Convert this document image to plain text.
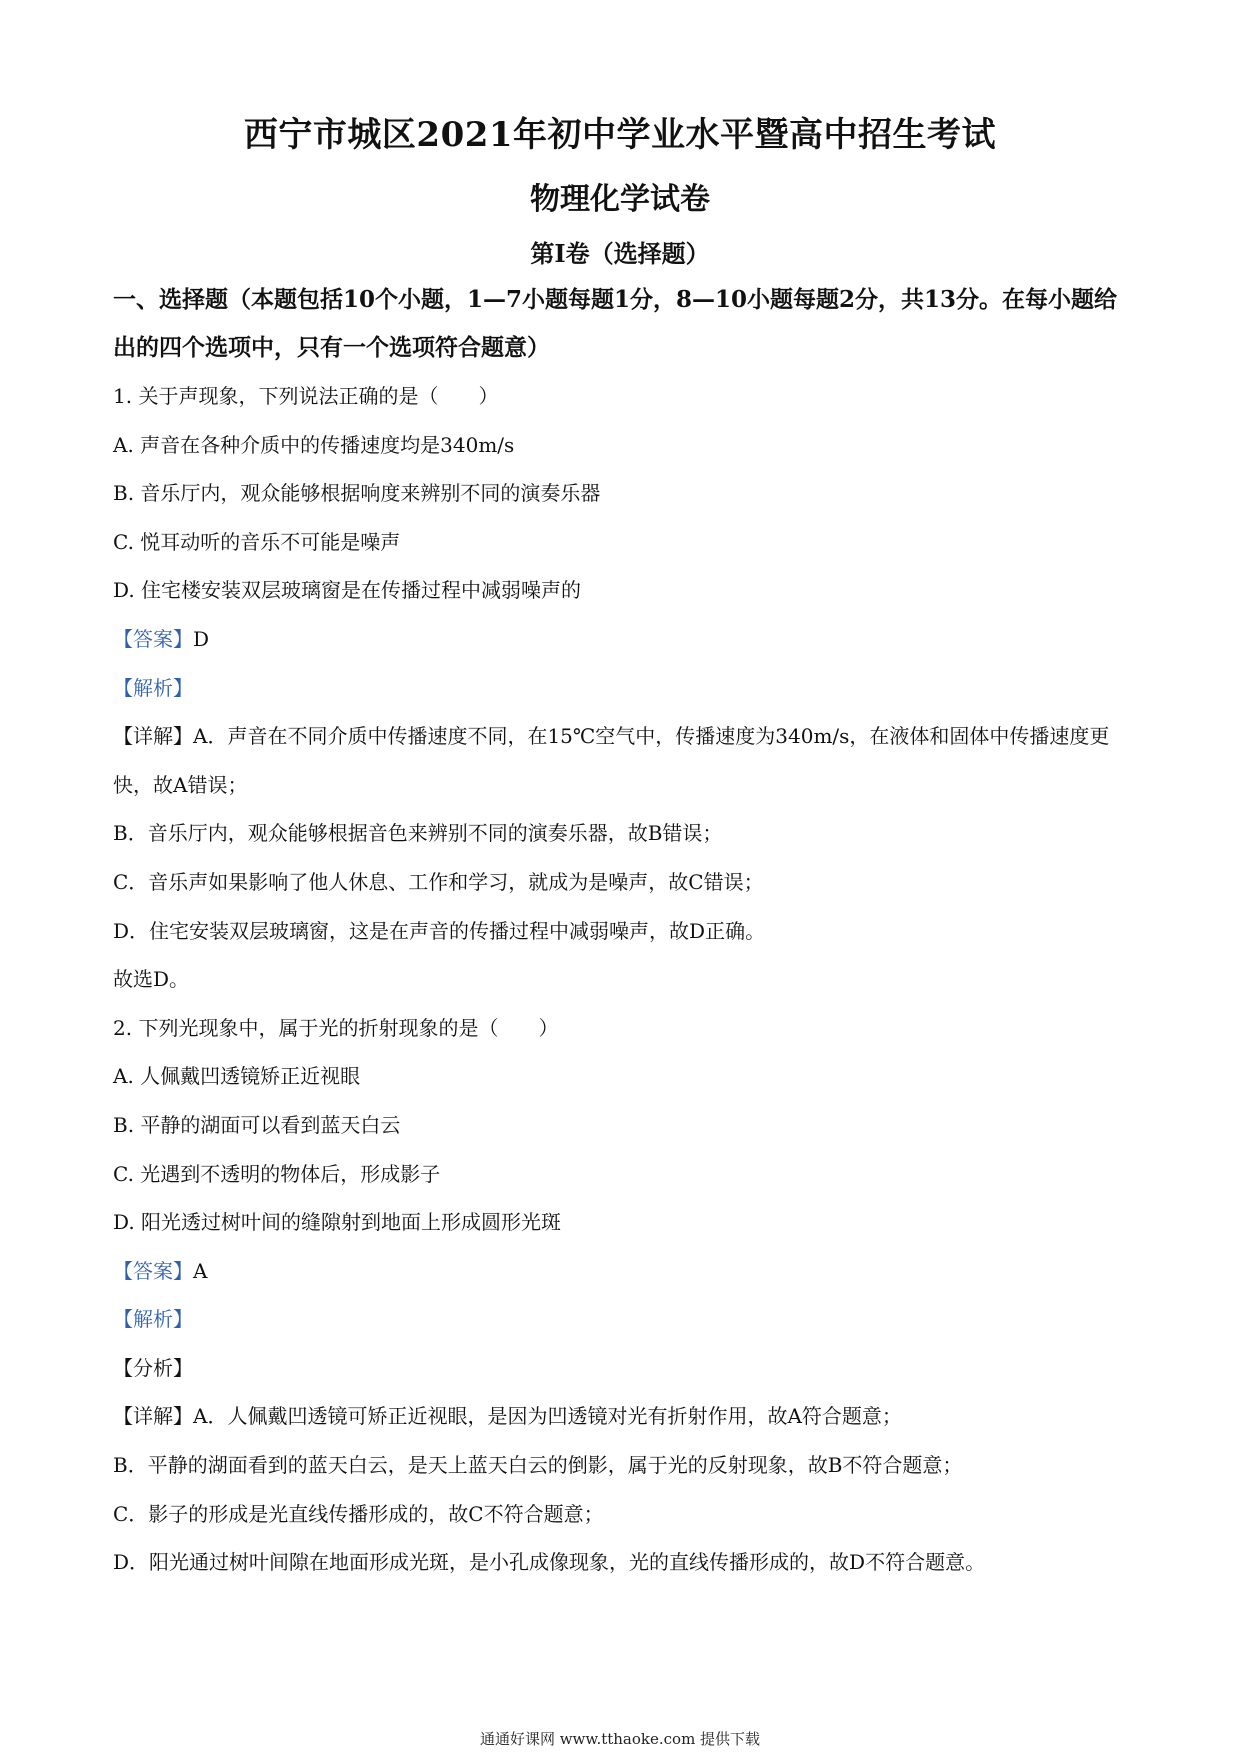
西宁市城区2021年初中学业水平暨高中招生考试
物理化学试卷
第Ⅰ卷（选择题）

一、选择题（本题包括10个小题，1—7小题每题1分，8—10小题每题2分，共13分。在每小题给出的四个选项中，只有一个选项符合题意）

1. 关于声现象，下列说法正确的是（　　）

A. 声音在各种介质中的传播速度均是340m/s

B. 音乐厅内，观众能够根据响度来辨别不同的演奏乐器

C. 悦耳动听的音乐不可能是噪声

D. 住宅楼安装双层玻璃窗是在传播过程中减弱噪声的

【答案】D

【解析】

【详解】A．声音在不同介质中传播速度不同，在15℃空气中，传播速度为340m/s，在液体和固体中传播速度更快，故A错误；

B．音乐厅内，观众能够根据音色来辨别不同的演奏乐器，故B错误；

C．音乐声如果影响了他人休息、工作和学习，就成为是噪声，故C错误；

D．住宅安装双层玻璃窗，这是在声音的传播过程中减弱噪声，故D正确。

故选D。

2. 下列光现象中，属于光的折射现象的是（　　）

A. 人佩戴凹透镜矫正近视眼

B. 平静的湖面可以看到蓝天白云

C. 光遇到不透明的物体后，形成影子

D. 阳光透过树叶间的缝隙射到地面上形成圆形光斑

【答案】A

【解析】

【分析】

【详解】A．人佩戴凹透镜可矫正近视眼，是因为凹透镜对光有折射作用，故A符合题意；

B．平静的湖面看到的蓝天白云，是天上蓝天白云的倒影，属于光的反射现象，故B不符合题意；

C．影子的形成是光直线传播形成的，故C不符合题意；

D．阳光通过树叶间隙在地面形成光斑，是小孔成像现象，光的直线传播形成的，故D不符合题意。

通通好课网 www.tthaoke.com 提供下载
